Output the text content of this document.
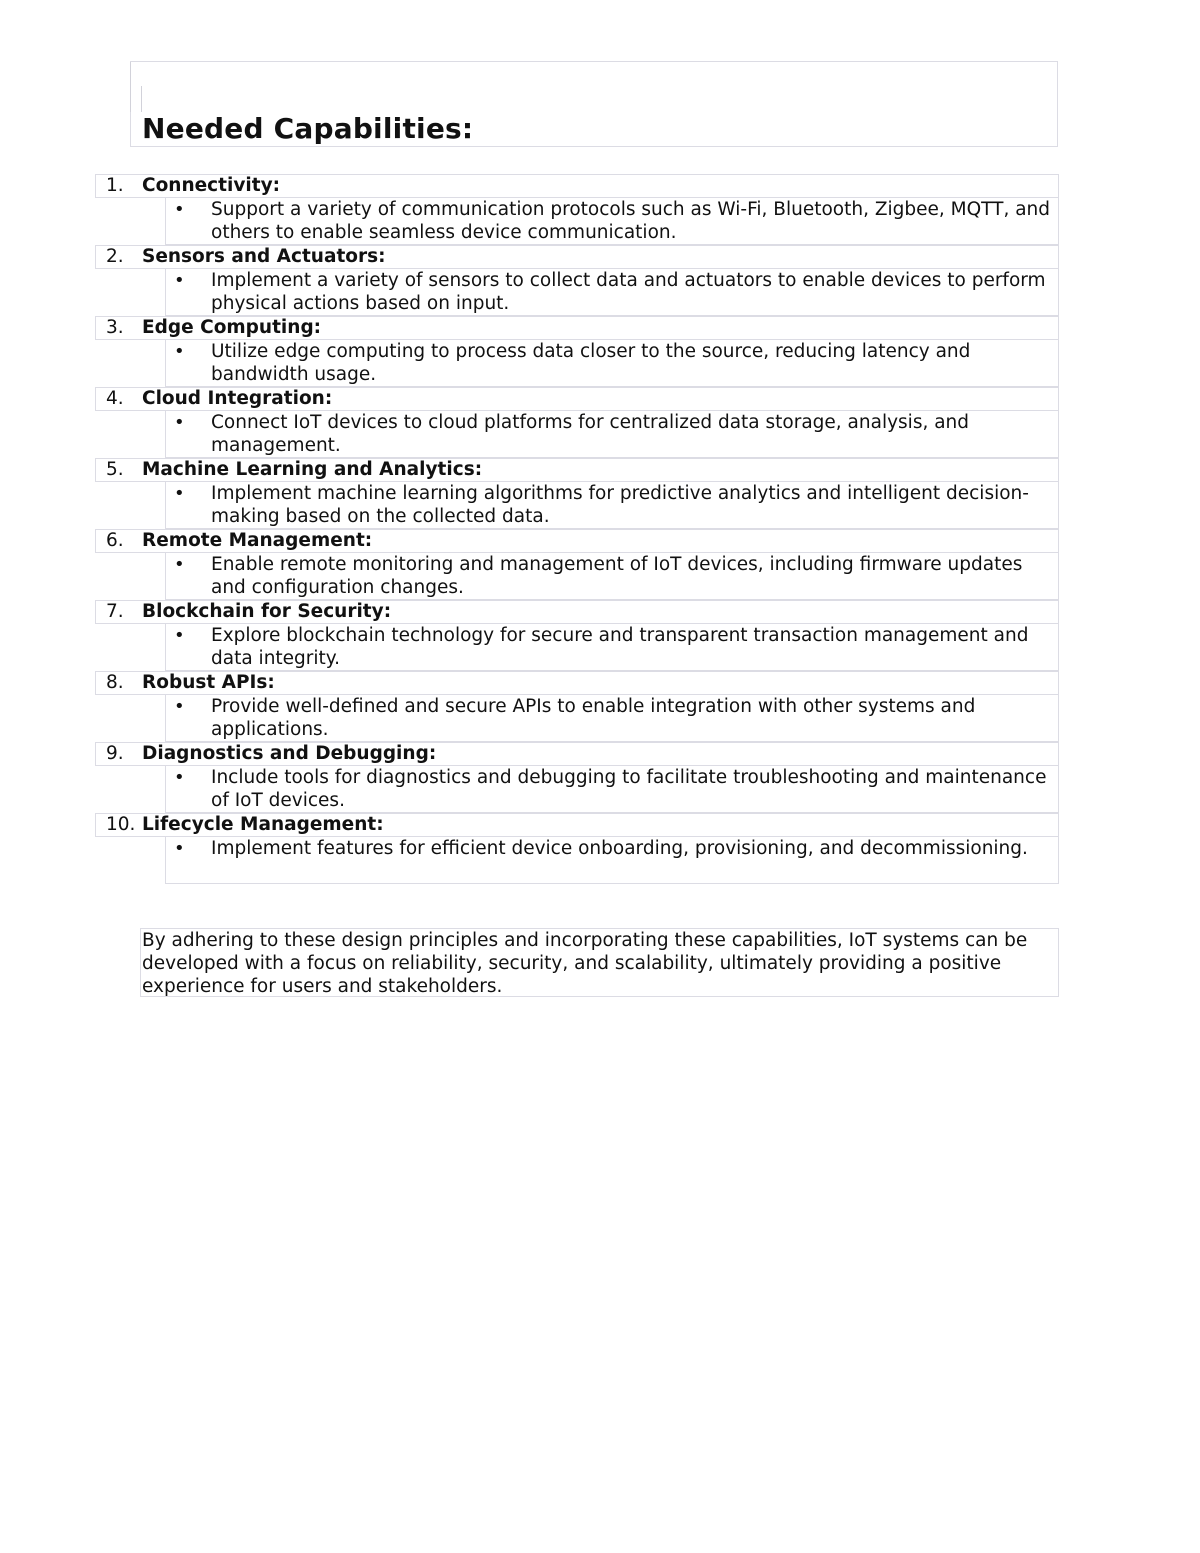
Needed Capabilities:
1. Connectivity:
• Support a variety of communication protocols such as Wi-Fi, Bluetooth, Zigbee, MQTT, and others to enable seamless device communication.
2. Sensors and Actuators:
• Implement a variety of sensors to collect data and actuators to enable devices to perform physical actions based on input.
3. Edge Computing:
• Utilize edge computing to process data closer to the source, reducing latency and bandwidth usage.
4. Cloud Integration:
• Connect IoT devices to cloud platforms for centralized data storage, analysis, and management.
5. Machine Learning and Analytics:
• Implement machine learning algorithms for predictive analytics and intelligent decision-making based on the collected data.
6. Remote Management:
• Enable remote monitoring and management of IoT devices, including firmware updates and configuration changes.
7. Blockchain for Security:
• Explore blockchain technology for secure and transparent transaction management and data integrity.
8. Robust APIs:
• Provide well-defined and secure APIs to enable integration with other systems and applications.
9. Diagnostics and Debugging:
• Include tools for diagnostics and debugging to facilitate troubleshooting and maintenance of IoT devices.
10. Lifecycle Management:
• Implement features for efficient device onboarding, provisioning, and decommissioning.

By adhering to these design principles and incorporating these capabilities, IoT systems can be developed with a focus on reliability, security, and scalability, ultimately providing a positive experience for users and stakeholders.
